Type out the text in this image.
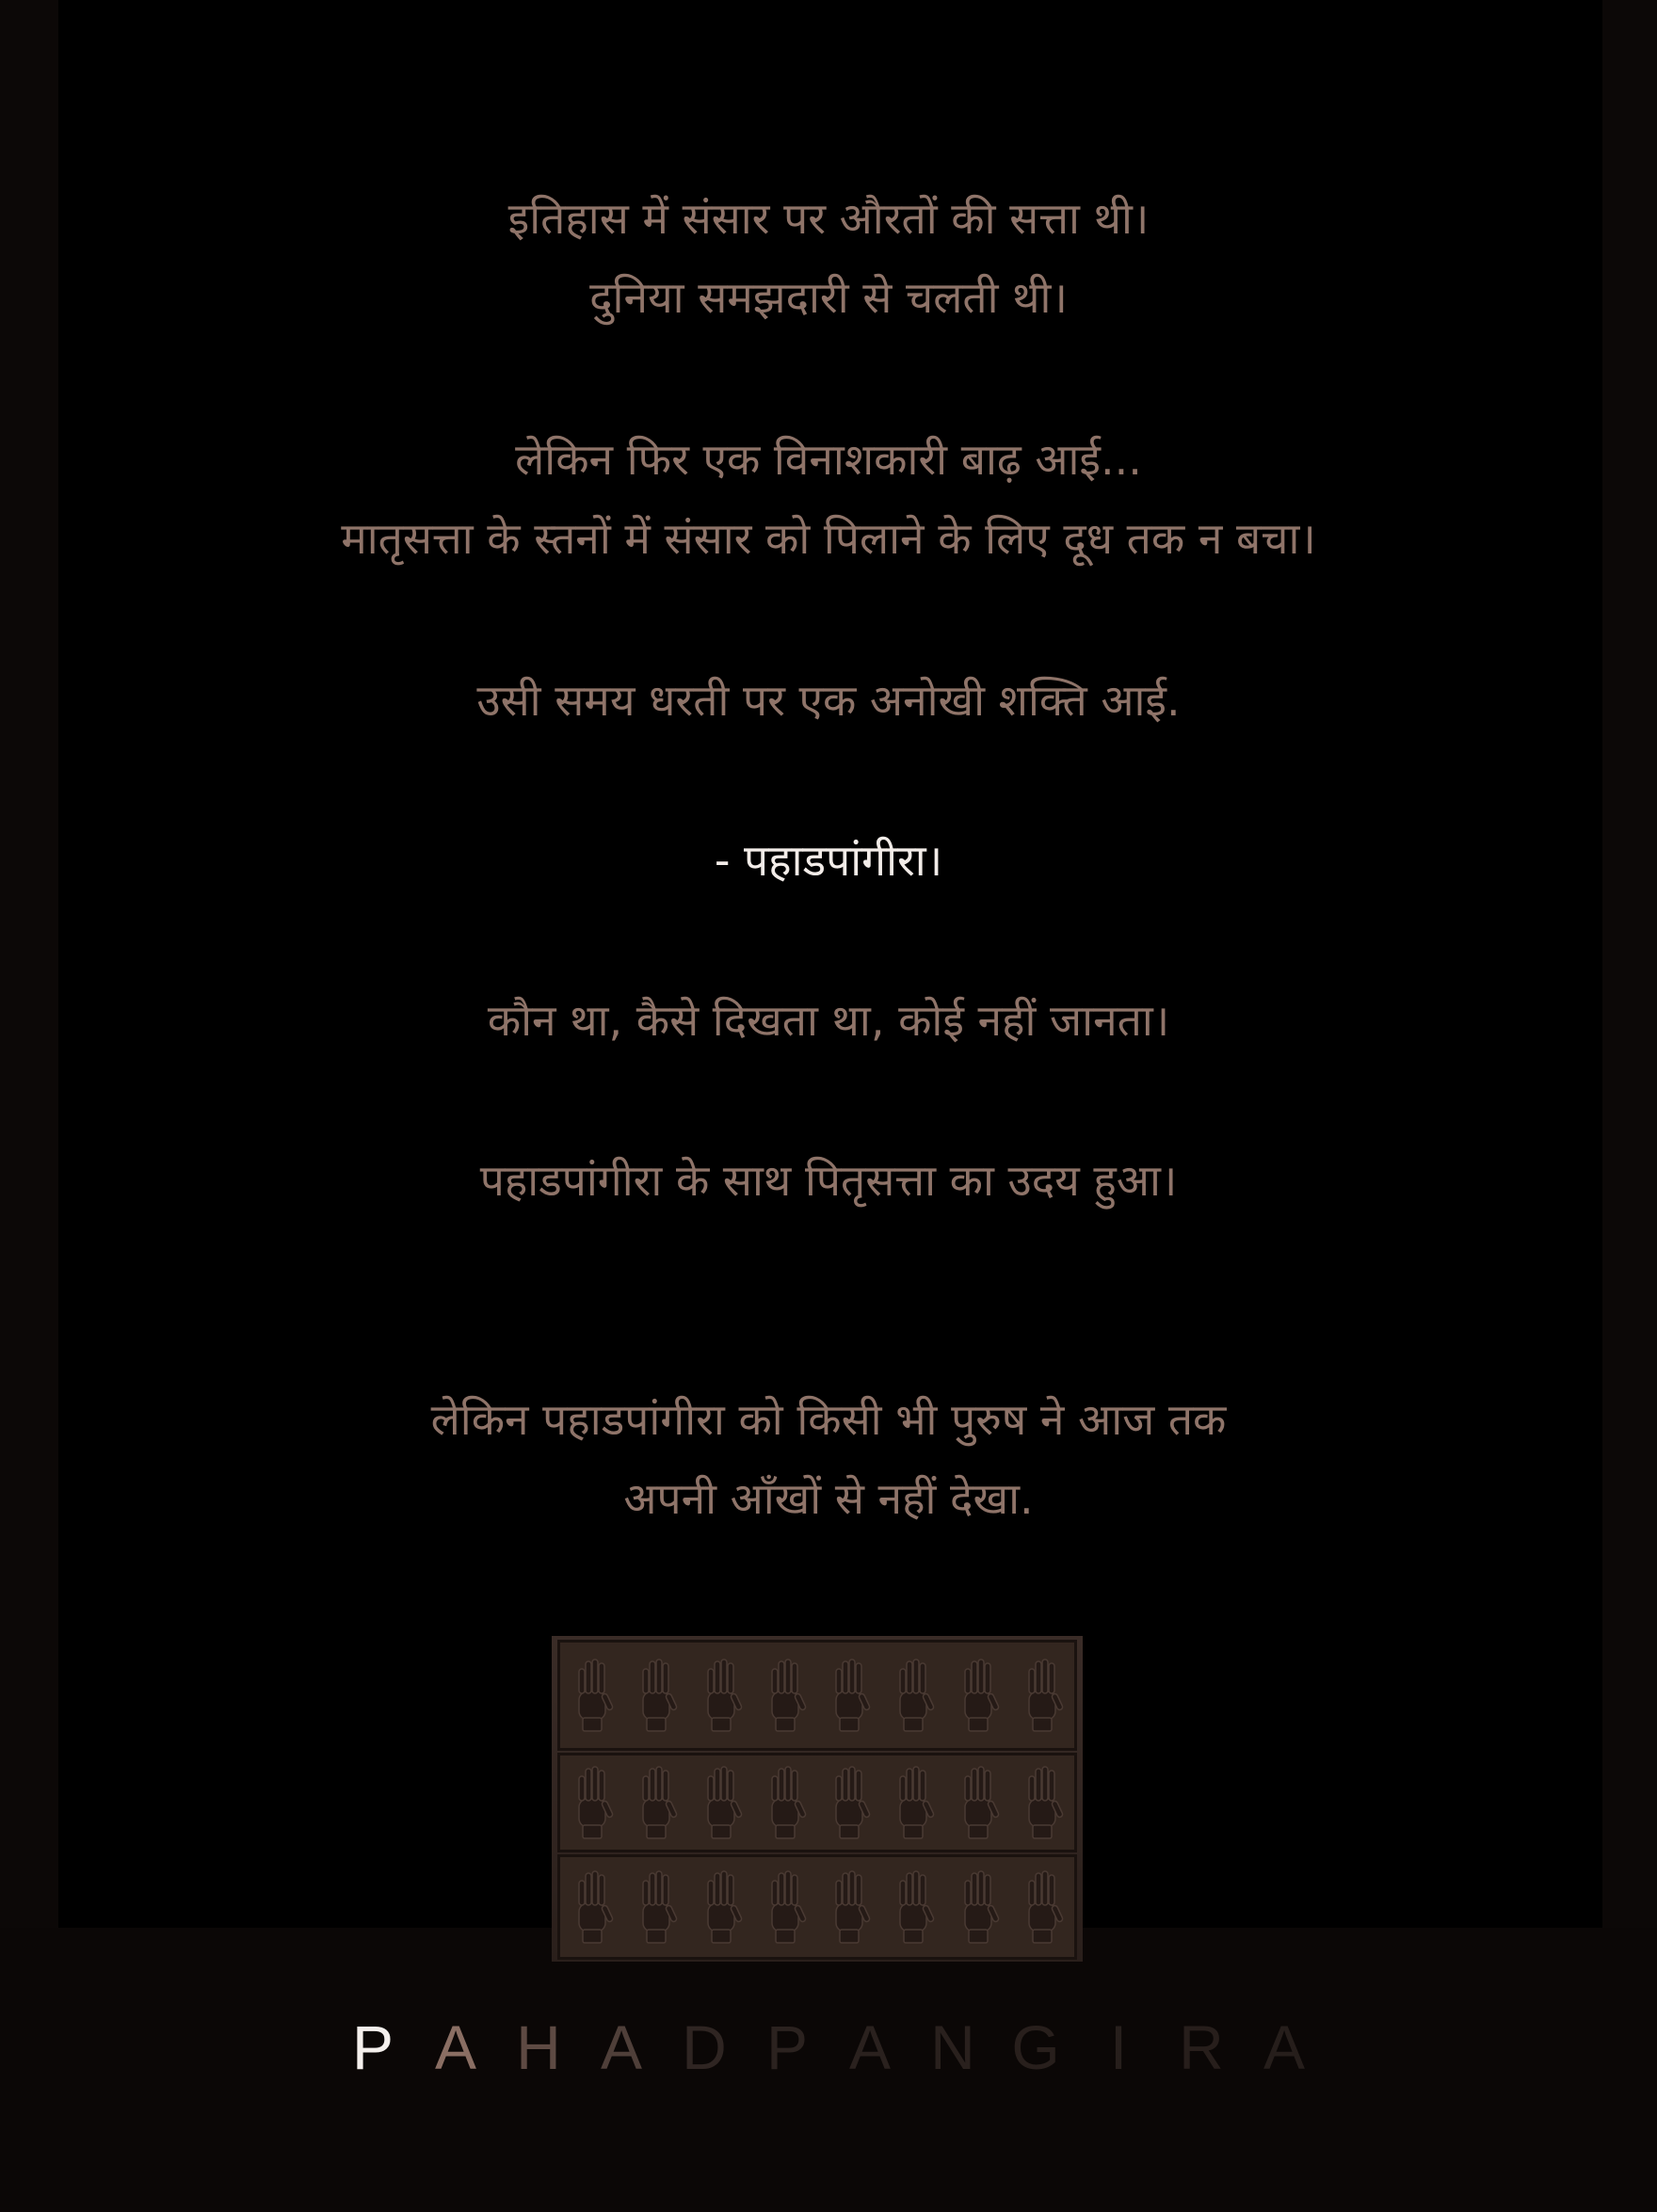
इतिहास में संसार पर औरतों की सत्ता थी।
दुनिया समझदारी से चलती थी।
लेकिन फिर एक विनाशकारी बाढ़ आई...
मातृसत्ता के स्तनों में संसार को पिलाने के लिए दूध तक न बचा।
उसी समय धरती पर एक अनोखी शक्ति आई.
- पहाडपांगीरा।
कौन था, कैसे दिखता था, कोई नहीं जानता।
पहाडपांगीरा के साथ पितृसत्ता का उदय हुआ।
लेकिन पहाडपांगीरा को किसी भी पुरुष ने आज तक
अपनी आँखों से नहीं देखा.
P A H A D P A N G I R A
